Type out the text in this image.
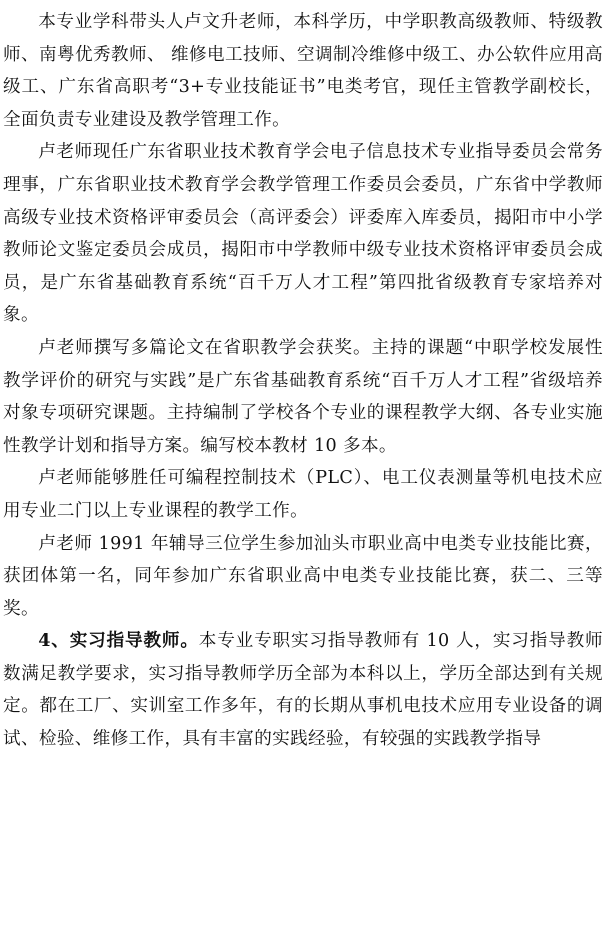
本专业学科带头人卢文升老师，本科学历，中学职教高级教师、特级教师、南粤优秀教师、 维修电工技师、空调制冷维修中级工、办公软件应用高级工、广东省高职考“3+专业技能证书”电类考官，现任主管教学副校长，全面负责专业建设及教学管理工作。

卢老师现任广东省职业技术教育学会电子信息技术专业指导委员会常务理事，广东省职业技术教育学会教学管理工作委员会委员，广东省中学教师高级专业技术资格评审委员会（高评委会）评委库入库委员，揭阳市中小学教师论文鉴定委员会成员，揭阳市中学教师中级专业技术资格评审委员会成员，是广东省基础教育系统“百千万人才工程”第四批省级教育专家培养对象。

卢老师撰写多篇论文在省职教学会获奖。主持的课题“中职学校发展性教学评价的研究与实践”是广东省基础教育系统“百千万人才工程”省级培养对象专项研究课题。主持编制了学校各个专业的课程教学大纲、各专业实施性教学计划和指导方案。编写校本教材 10 多本。

卢老师能够胜任可编程控制技术（PLC）、电工仪表测量等机电技术应用专业二门以上专业课程的教学工作。

卢老师 1991 年辅导三位学生参加汕头市职业高中电类专业技能比赛，获团体第一名，同年参加广东省职业高中电类专业技能比赛，获二、三等奖。

4、实习指导教师。本专业专职实习指导教师有 10 人，实习指导教师数满足教学要求，实习指导教师学历全部为本科以上，学历全部达到有关规定。都在工厂、实训室工作多年，有的长期从事机电技术应用专业设备的调试、检验、维修工作，具有丰富的实践经验，有较强的实践教学指导
